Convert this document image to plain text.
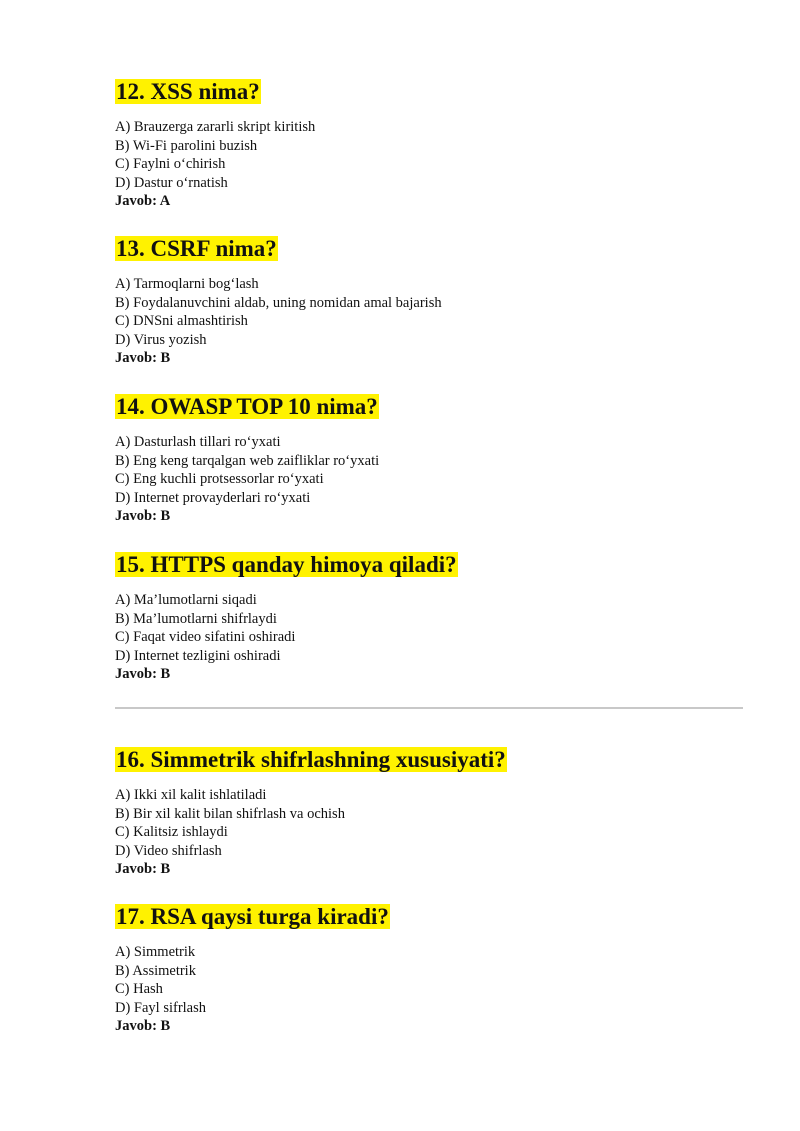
12. XSS nima?
A) Brauzerga zararli skript kiritish
B) Wi-Fi parolini buzish
C) Faylni o‘chirish
D) Dastur o‘rnatish
Javob: A
13. CSRF nima?
A) Tarmoqlarni bog‘lash
B) Foydalanuvchini aldab, uning nomidan amal bajarish
C) DNSni almashtirish
D) Virus yozish
Javob: B
14. OWASP TOP 10 nima?
A) Dasturlash tillari ro‘yxati
B) Eng keng tarqalgan web zaifliklar ro‘yxati
C) Eng kuchli protsessorlar ro‘yxati
D) Internet provayderlari ro‘yxati
Javob: B
15. HTTPS qanday himoya qiladi?
A) Ma’lumotlarni siqadi
B) Ma’lumotlarni shifrlaydi
C) Faqat video sifatini oshiradi
D) Internet tezligini oshiradi
Javob: B
16. Simmetrik shifrlashning xususiyati?
A) Ikki xil kalit ishlatiladi
B) Bir xil kalit bilan shifrlash va ochish
C) Kalitsiz ishlaydi
D) Video shifrlash
Javob: B
17. RSA qaysi turga kiradi?
A) Simmetrik
B) Assimetrik
C) Hash
D) Fayl sifrlash
Javob: B
